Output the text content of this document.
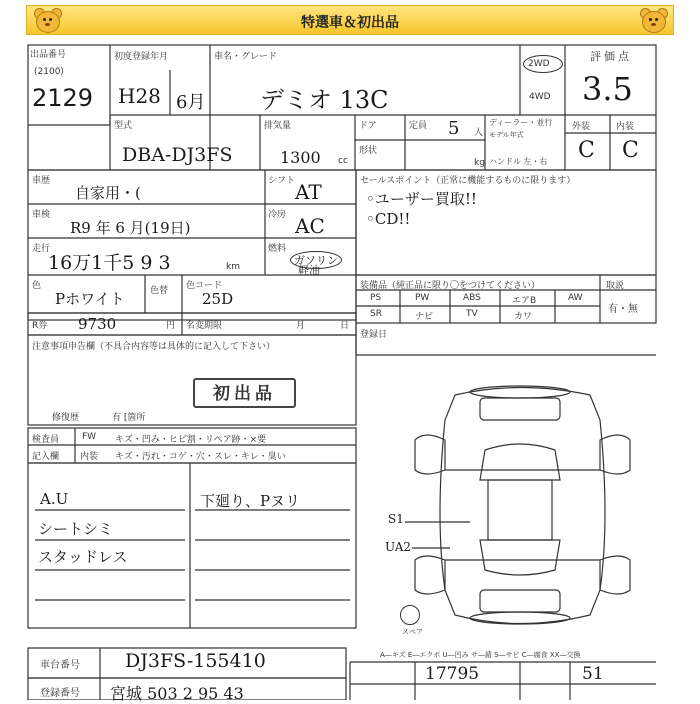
特選車＆初出品
スペア
S1
UA2
A―キズ E―エクボ U―凹み サ―錆 S―サビ C―腐食 XX―交換
出品番号
(2100)
2129
初度登録年月
H28 6月
車名・グレード
デミオ 13C
2WD
4WD
評価点
3.5
型式
DBA-DJ3FS
排気量
1300 cc
ドア
形状
定員 5 人
kg
ディーラー・並行
モデル年式
ハンドル 左・右
外装	内装
C C
車歴
自家用・(
シフト AT
車検
R9 年 6 月(19日)
冷房 AC
走行
16万1千5 9 3	km
燃料
ガソリン
軽油
色
Pホワイト	色替 色コード
25D
R券 9730	円 名変期限	月	日
注意事項申告欄（不具合内容等は具体的に記入して下さい）
初出品
修復歴	有 [箇所
セールスポイント（正常に機能するものに限ります）
◦ユーザー買取!!
◦CD!!
装備品（純正品に限り〇をつけてください）
PS	PW	ABS	エアB	AW
SR	ナビ	TV	カワ
取説
有・無
登録日
検査員	FW キズ・凹み・ヒビ割・リペア跡・×要
記入欄 内装 キズ・汚れ・コゲ・穴・スレ・キレ・臭い
A.U
シートシミ
スタッドレス
下廻り、Pヌリ
車台番号 DJ3FS-155410
登録番号 宮城 503 2 95 43
17795	51
